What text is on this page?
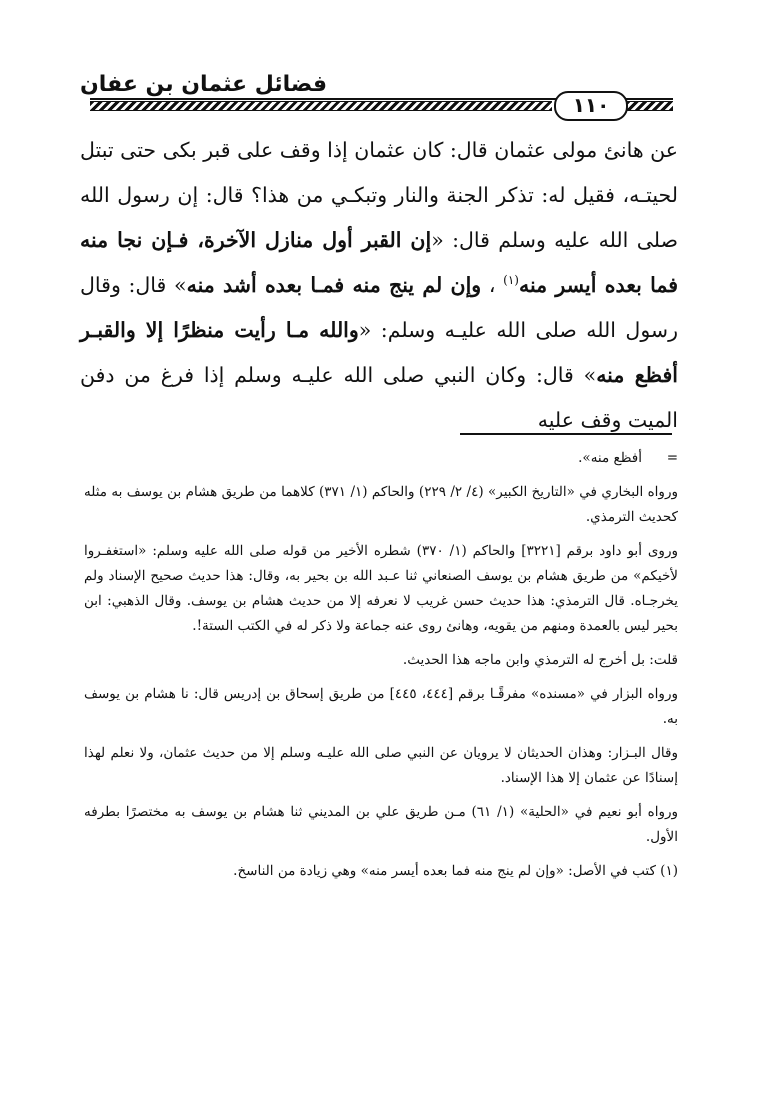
فضائل عثمان بن عفان
١١٠

عن هانئ مولى عثمان قال: كان عثمان إذا وقف على قبر بكى حتى تبتل لحيتـه، فقيل له: تذكر الجنة والنار وتبكـي من هذا؟ قال: إن رسول الله صلى الله عليه وسلم قال: «إن القبر أول منازل الآخرة، فـإن نجا منه فما بعده أيسر منه$^{(١)}$ ، وإن لم ينج منه فمـا بعده أشد منه» قال: وقال رسول الله صلى الله عليـه وسلم: «والله مـا رأيت منظرًا إلا والقبـر أفظع منه» قال: وكان النبي صلى الله عليـه وسلم إذا فرغ من دفن الميت وقف عليه

=أفظع منه».

ورواه البخاري في «التاريخ الكبير» (٤/ ٢/ ٢٢٩) والحاكم (١/ ٣٧١) كلاهما من طريق هشام بن يوسف به مثله كحديث الترمذي.

وروى أبو داود برقم [٣٢٢١] والحاكم (١/ ٣٧٠) شطره الأخير من قوله صلى الله عليه وسلم: «استغفـروا لأخيكم» من طريق هشام بن يوسف الصنعاني ثنا عـبد الله بن بحير به، وقال: هذا حديث صحيح الإسناد ولم يخرجـاه. قال الترمذي: هذا حديث حسن غريب لا نعرفه إلا من حديث هشام بن يوسف. وقال الذهبي: ابن بحير ليس بالعمدة ومنهم من يقويه، وهانئ روى عنه جماعة ولا ذكر له في الكتب الستة!.

قلت: بل أخرج له الترمذي وابن ماجه هذا الحديث.

ورواه البزار في «مسنده» مفرقًـا برقم [٤٤٤، ٤٤٥] من طريق إسحاق بن إدريس قال: نا هشام بن يوسف به.

وقال البـزار: وهذان الحديثان لا يرويان عن النبي صلى الله عليـه وسلم إلا من حديث عثمان، ولا نعلم لهذا إسنادًا عن عثمان إلا هذا الإسناد.

ورواه أبو نعيم في «الحلية» (١/ ٦١) مـن طريق علي بن المديني ثنا هشام بن يوسف به مختصرًا بطرفه الأول.

(١) كتب في الأصل: «وإن لم ينج منه فما بعده أيسر منه» وهي زيادة من الناسخ.
